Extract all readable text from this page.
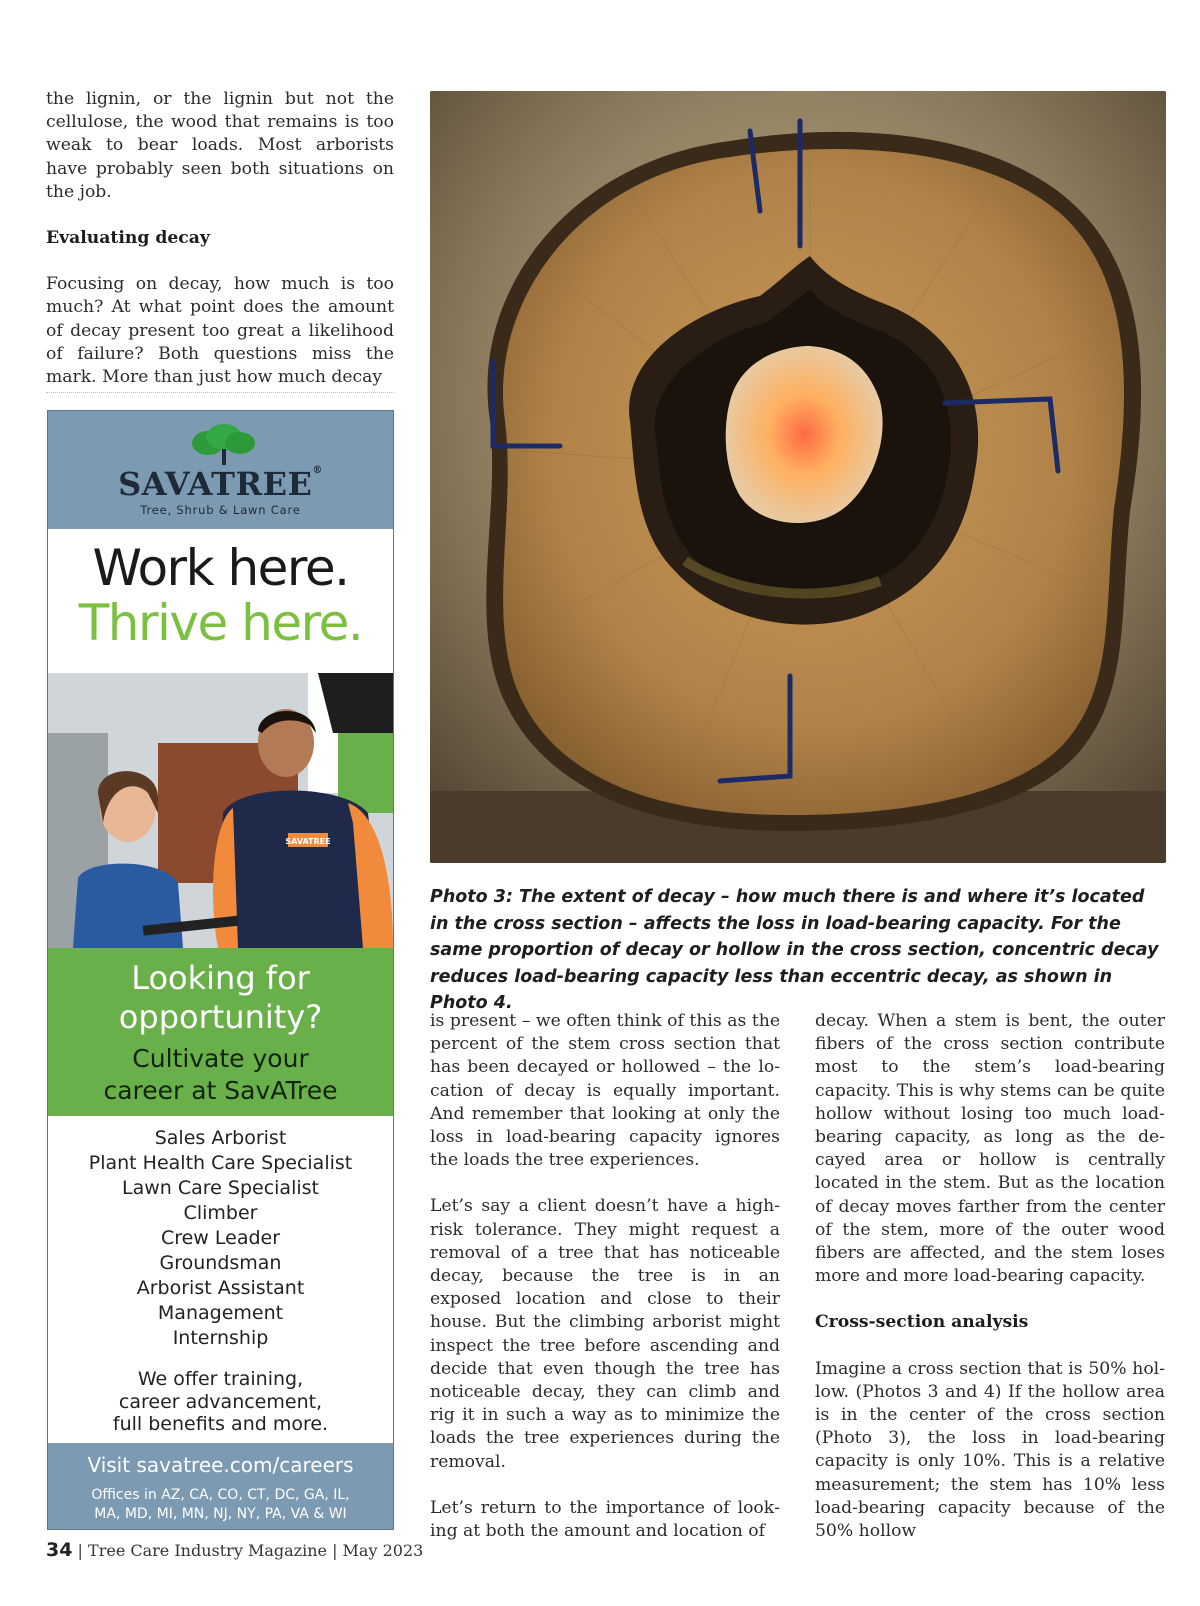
the lignin, or the lignin but not the cellulose, the wood that remains is too weak to bear loads. Most arborists have probably seen both situations on the job.

Evaluating decay

Focusing on decay, how much is too much? At what point does the amount of decay present too great a likelihood of failure? Both questions miss the mark. More than just how much decay

Photo 3: The extent of decay – how much there is and where it’s located in the cross section – affects the loss in load-bearing capacity. For the same proportion of decay or hollow in the cross section, concentric decay reduces load-bearing capacity less than eccentric decay, as shown in Photo 4.

is present – we often think of this as the percent of the stem cross section that has been decayed or hollowed – the location of decay is equally important. And remember that looking at only the loss in load-bearing capacity ignores the loads the tree experiences.

Let’s say a client doesn’t have a high-risk tolerance. They might request a removal of a tree that has noticeable decay, because the tree is in an exposed location and close to their house. But the climbing arborist might inspect the tree before ascending and decide that even though the tree has noticeable decay, they can climb and rig it in such a way as to minimize the loads the tree experiences during the removal.

Let’s return to the importance of looking at both the amount and location of

decay. When a stem is bent, the outer fibers of the cross section contribute most to the stem’s load-bearing capacity. This is why stems can be quite hollow without losing too much load-bearing capacity, as long as the decayed area or hollow is centrally located in the stem. But as the location of decay moves farther from the center of the stem, more of the outer wood fibers are affected, and the stem loses more and more load-bearing capacity.

Cross-section analysis

Imagine a cross section that is 50% hollow. (Photos 3 and 4) If the hollow area is in the center of the cross section (Photo 3), the loss in load-bearing capacity is only 10%. This is a relative measurement; the stem has 10% less load-bearing capacity because of the 50% hollow

SAVATREE®
Tree, Shrub & Lawn Care
Work here.
Thrive here.
SAVATREE
Looking for
opportunity?
Cultivate your
career at SavATree
Sales Arborist
Plant Health Care Specialist
Lawn Care Specialist
Climber
Crew Leader
Groundsman
Arborist Assistant
Management
Internship
We offer training,
career advancement,
full benefits and more.
Visit savatree.com/careers
Offices in AZ, CA, CO, CT, DC, GA, IL,
MA, MD, MI, MN, NJ, NY, PA, VA & WI
34 | Tree Care Industry Magazine | May 2023
